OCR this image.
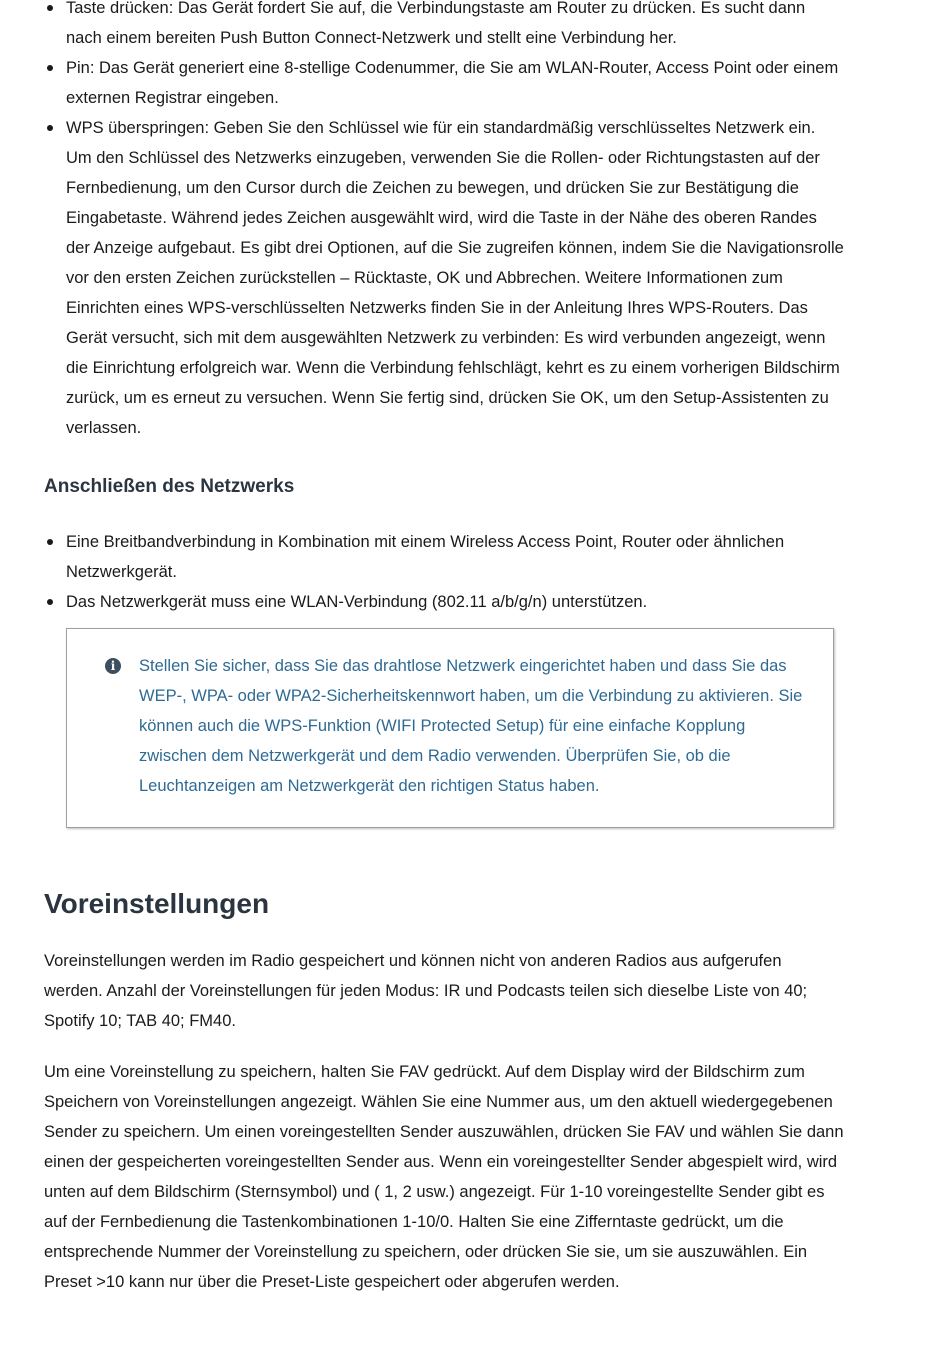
Taste drücken: Das Gerät fordert Sie auf, die Verbindungstaste am Router zu drücken. Es sucht dann nach einem bereiten Push Button Connect-Netzwerk und stellt eine Verbindung her.
Pin: Das Gerät generiert eine 8-stellige Codenummer, die Sie am WLAN-Router, Access Point oder einem externen Registrar eingeben.
WPS überspringen: Geben Sie den Schlüssel wie für ein standardmäßig verschlüsseltes Netzwerk ein. Um den Schlüssel des Netzwerks einzugeben, verwenden Sie die Rollen- oder Richtungstasten auf der Fernbedienung, um den Cursor durch die Zeichen zu bewegen, und drücken Sie zur Bestätigung die Eingabetaste. Während jedes Zeichen ausgewählt wird, wird die Taste in der Nähe des oberen Randes der Anzeige aufgebaut. Es gibt drei Optionen, auf die Sie zugreifen können, indem Sie die Navigationsrolle vor den ersten Zeichen zurückstellen – Rücktaste, OK und Abbrechen. Weitere Informationen zum Einrichten eines WPS-verschlüsselten Netzwerks finden Sie in der Anleitung Ihres WPS-Routers. Das Gerät versucht, sich mit dem ausgewählten Netzwerk zu verbinden: Es wird verbunden angezeigt, wenn die Einrichtung erfolgreich war. Wenn die Verbindung fehlschlägt, kehrt es zu einem vorherigen Bildschirm zurück, um es erneut zu versuchen. Wenn Sie fertig sind, drücken Sie OK, um den Setup-Assistenten zu verlassen.
Anschließen des Netzwerks
Eine Breitbandverbindung in Kombination mit einem Wireless Access Point, Router oder ähnlichen Netzwerkgerät.
Das Netzwerkgerät muss eine WLAN-Verbindung (802.11 a/b/g/n) unterstützen.
i	Stellen Sie sicher, dass Sie das drahtlose Netzwerk eingerichtet haben und dass Sie das WEP-, WPA- oder WPA2-Sicherheitskennwort haben, um die Verbindung zu aktivieren. Sie können auch die WPS-Funktion (WIFI Protected Setup) für eine einfache Kopplung zwischen dem Netzwerkgerät und dem Radio verwenden. Überprüfen Sie, ob die Leuchtanzeigen am Netzwerkgerät den richtigen Status haben.

Voreinstellungen

Voreinstellungen werden im Radio gespeichert und können nicht von anderen Radios aus aufgerufen werden. Anzahl der Voreinstellungen für jeden Modus: IR und Podcasts teilen sich dieselbe Liste von 40; Spotify 10; TAB 40; FM40.

Um eine Voreinstellung zu speichern, halten Sie FAV gedrückt. Auf dem Display wird der Bildschirm zum Speichern von Voreinstellungen angezeigt. Wählen Sie eine Nummer aus, um den aktuell wiedergegebenen Sender zu speichern. Um einen voreingestellten Sender auszuwählen, drücken Sie FAV und wählen Sie dann einen der gespeicherten voreingestellten Sender aus. Wenn ein voreingestellter Sender abgespielt wird, wird unten auf dem Bildschirm (Sternsymbol) und ( 1, 2 usw.) angezeigt. Für 1-10 voreingestellte Sender gibt es auf der Fernbedienung die Tastenkombinationen 1-10/0. Halten Sie eine Zifferntaste gedrückt, um die entsprechende Nummer der Voreinstellung zu speichern, oder drücken Sie sie, um sie auszuwählen. Ein Preset >10 kann nur über die Preset-Liste gespeichert oder abgerufen werden.
